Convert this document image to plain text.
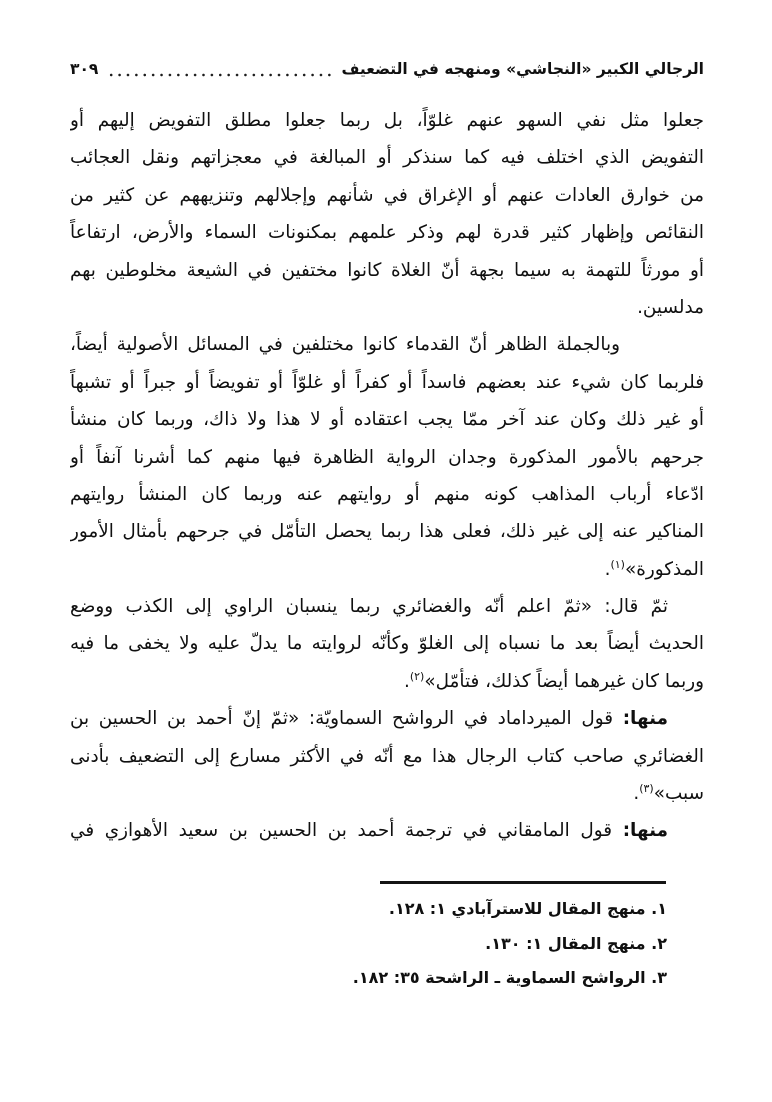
٣٠٩	الرجالي الكبير «النجاشي» ومنهجه في التضعيف
جعلوا مثل نفي السهو عنهم غلوّاً، بل ربما جعلوا مطلق التفويض إليهم أو
التفويض الذي اختلف فيه كما سنذكر أو المبالغة في معجزاتهم ونقل العجائب
من خوارق العادات عنهم أو الإغراق في شأنهم وإجلالهم وتنزيههم عن كثير من
النقائص وإظهار كثير قدرة لهم وذكر علمهم بمكنونات السماء والأرض، ارتفاعاً
أو مورثاً للتهمة به سيما بجهة أنّ الغلاة كانوا مختفين في الشيعة مخلوطين بهم
مدلسين.
وبالجملة الظاهر أنّ القدماء كانوا مختلفين في المسائل الأصولية أيضاً،
فلربما كان شيء عند بعضهم فاسداً أو كفراً أو غلوّاً أو تفويضاً أو جبراً أو تشبهاً
أو غير ذلك وكان عند آخر ممّا يجب اعتقاده أو لا هذا ولا ذاك، وربما كان منشأ
جرحهم بالأمور المذكورة وجدان الرواية الظاهرة فيها منهم كما أشرنا آنفاً أو
ادّعاء أرباب المذاهب كونه منهم أو روايتهم عنه وربما كان المنشأ روايتهم
المناكير عنه إلى غير ذلك، فعلى هذا ربما يحصل التأمّل في جرحهم بأمثال الأمور
المذكورة»$^{(١)}$.
ثمّ قال: «ثمّ اعلم أنّه والغضائري ربما ينسبان الراوي إلى الكذب ووضع
الحديث أيضاً بعد ما نسباه إلى الغلوّ وكأنّه لروايته ما يدلّ عليه ولا يخفى ما فيه
وربما كان غيرهما أيضاً كذلك، فتأمّل»$^{(٢)}$.
منها: قول الميرداماد في الرواشح السماويّة: «ثمّ إنّ أحمد بن الحسين بن
الغضائري صاحب كتاب الرجال هذا مع أنّه في الأكثر مسارع إلى التضعيف بأدنى
سبب»$^{(٣)}$.
منها: قول المامقاني في ترجمة أحمد بن الحسين بن سعيد الأهوازي في
١. منهج المقال للاسترآبادي ١: ١٢٨.
٢. منهج المقال ١: ١٣٠.
٣. الرواشح السماوية ـ الراشحة ٣٥: ١٨٢.
